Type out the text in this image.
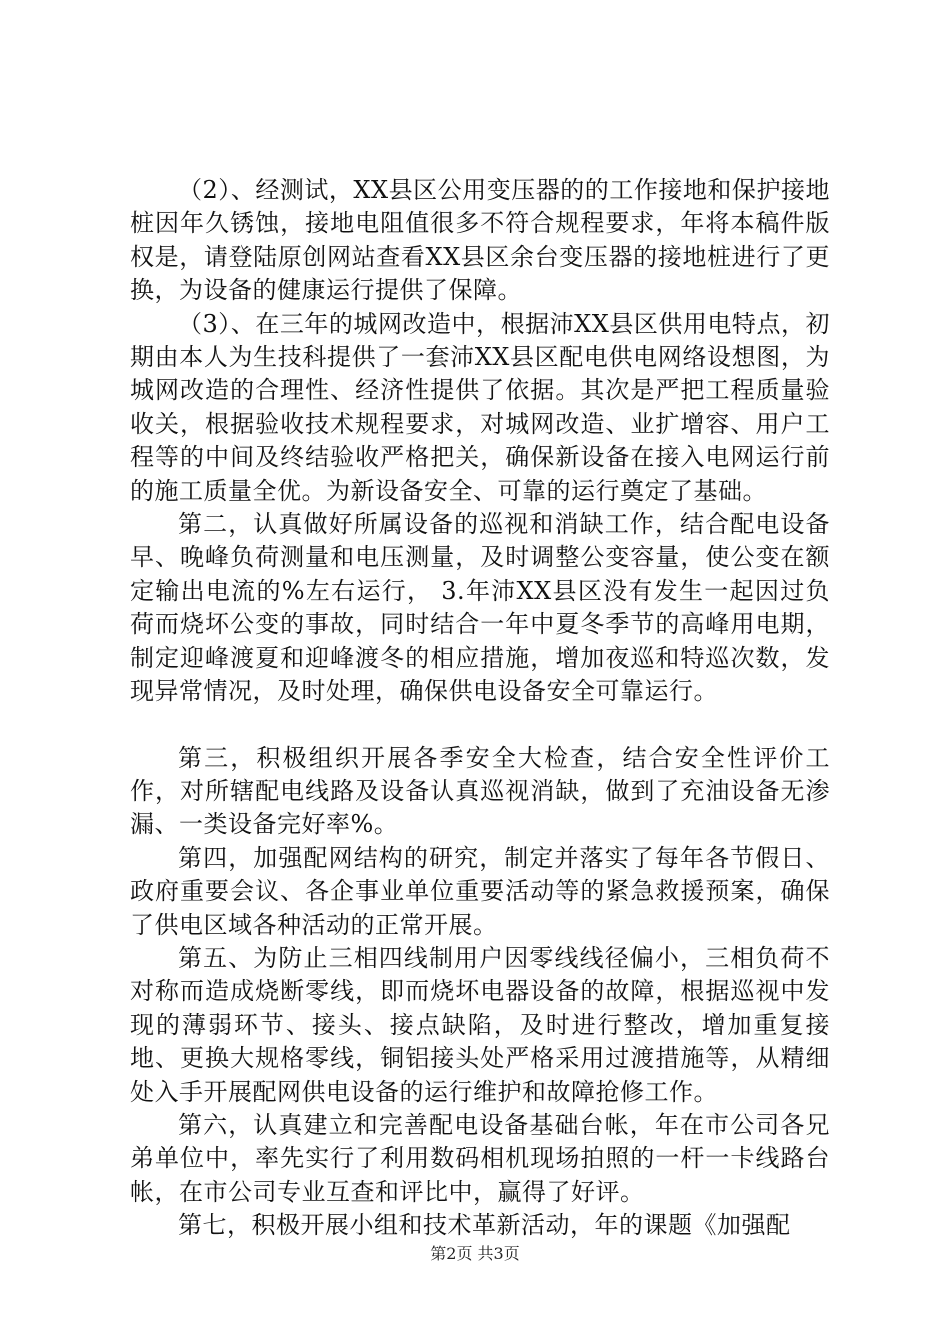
（2）、经测试，XX县区公用变压器的的工作接地和保护接地桩因年久锈蚀，接地电阻值很多不符合规程要求，年将本稿件版权是，请登陆原创网站查看XX县区余台变压器的接地桩进行了更换，为设备的健康运行提供了保障。

（3）、在三年的城网改造中，根据沛XX县区供用电特点，初期由本人为生技科提供了一套沛XX县区配电供电网络设想图，为城网改造的合理性、经济性提供了依据。其次是严把工程质量验收关，根据验收技术规程要求，对城网改造、业扩增容、用户工程等的中间及终结验收严格把关，确保新设备在接入电网运行前的施工质量全优。为新设备安全、可靠的运行奠定了基础。

第二，认真做好所属设备的巡视和消缺工作，结合配电设备早、晚峰负荷测量和电压测量，及时调整公变容量，使公变在额定输出电流的%左右运行， 3.年沛XX县区没有发生一起因过负荷而烧坏公变的事故，同时结合一年中夏冬季节的高峰用电期，制定迎峰渡夏和迎峰渡冬的相应措施，增加夜巡和特巡次数，发现异常情况，及时处理，确保供电设备安全可靠运行。

第三，积极组织开展各季安全大检查，结合安全性评价工作，对所辖配电线路及设备认真巡视消缺，做到了充油设备无渗漏、一类设备完好率%。

第四，加强配网结构的研究，制定并落实了每年各节假日、政府重要会议、各企事业单位重要活动等的紧急救援预案，确保了供电区域各种活动的正常开展。

第五、为防止三相四线制用户因零线线径偏小，三相负荷不对称而造成烧断零线，即而烧坏电器设备的故障，根据巡视中发现的薄弱环节、接头、接点缺陷，及时进行整改，增加重复接地、更换大规格零线，铜铝接头处严格采用过渡措施等，从精细处入手开展配网供电设备的运行维护和故障抢修工作。

第六，认真建立和完善配电设备基础台帐，年在市公司各兄弟单位中，率先实行了利用数码相机现场拍照的一杆一卡线路台帐，在市公司专业互查和评比中，赢得了好评。

第七，积极开展小组和技术革新活动，年的课题《加强配

第2页 共3页
